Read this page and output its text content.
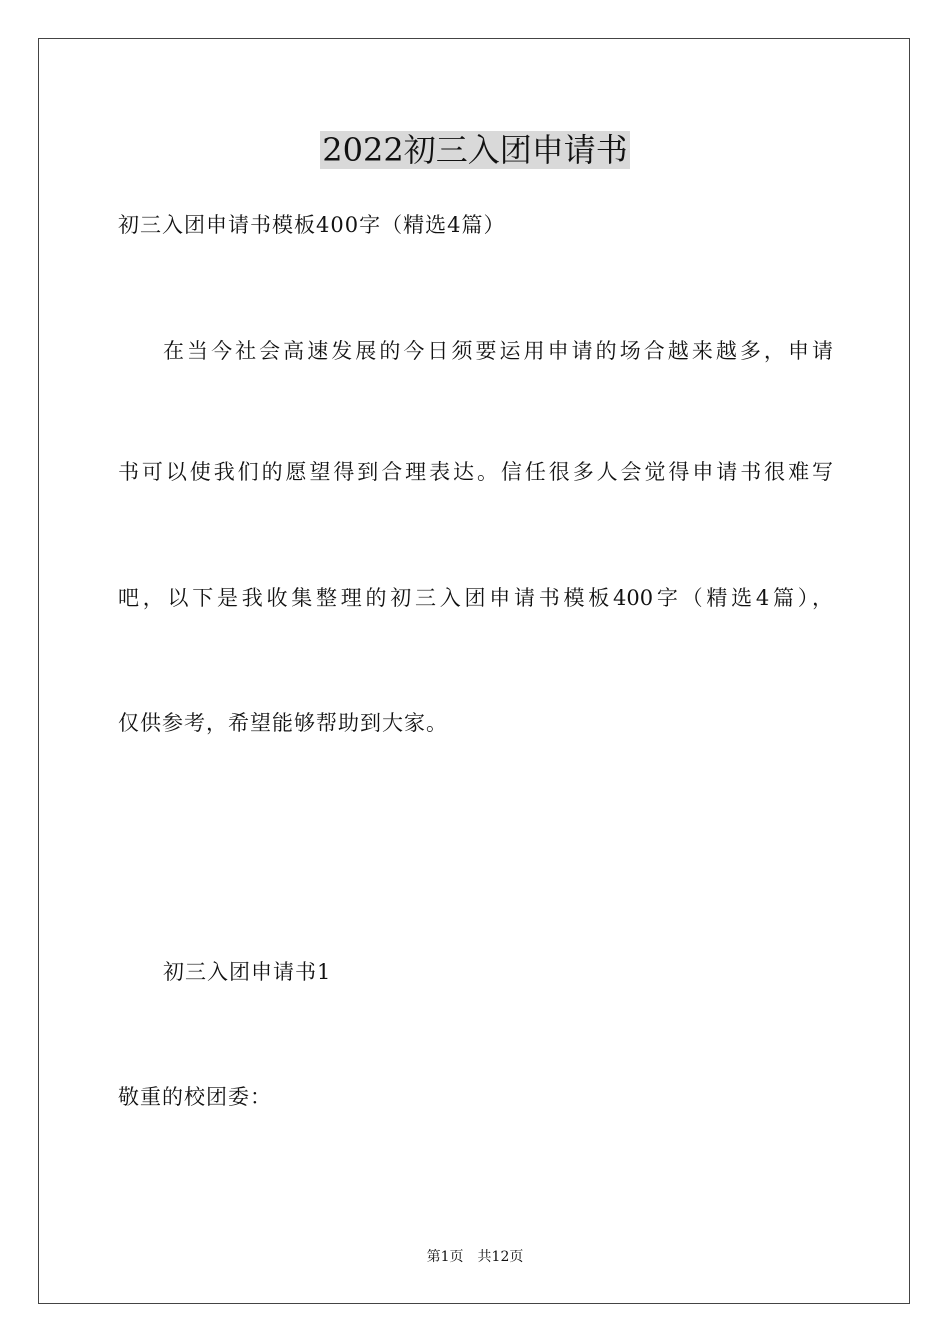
2022初三入团申请书
初三入团申请书模板400字（精选4篇）
在当今社会高速发展的今日须要运用申请的场合越来越多，申请
书可以使我们的愿望得到合理表达。信任很多人会觉得申请书很难写
吧，以下是我收集整理的初三入团申请书模板400字（精选4篇），
仅供参考，希望能够帮助到大家。
初三入团申请书1
敬重的校团委：
第1页 共12页
